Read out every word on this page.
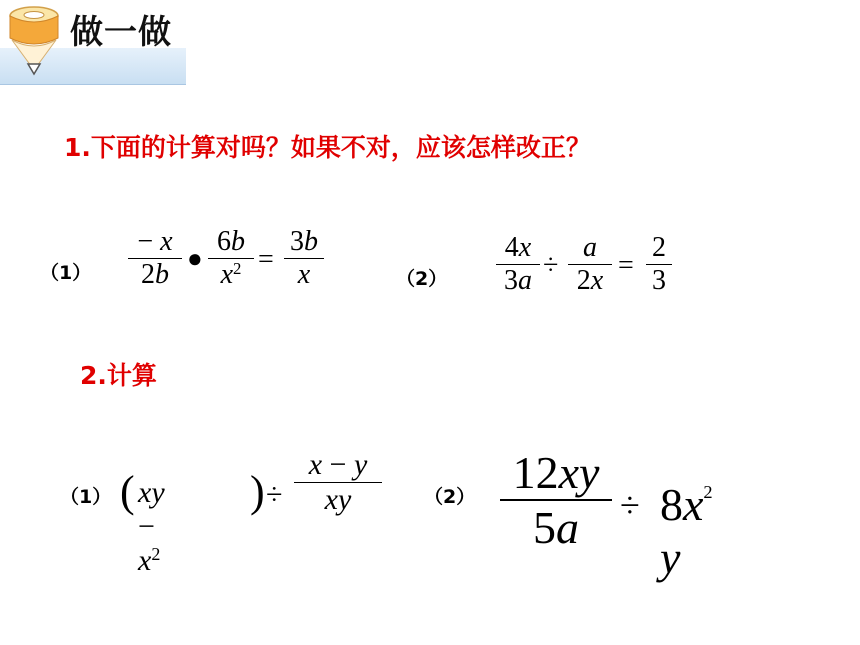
做一做
1.下面的计算对吗？如果不对，应该怎样改正？
（1）
− x
2b
●
6b
$x^2$ =
3b
x	（2）
4x
3a ÷
a
2x =
2
3
2.计算
（1） ( xy − $x^2$
) ÷
x − y
xy	（2） 12xy
5a	÷ $8x^2$ y
